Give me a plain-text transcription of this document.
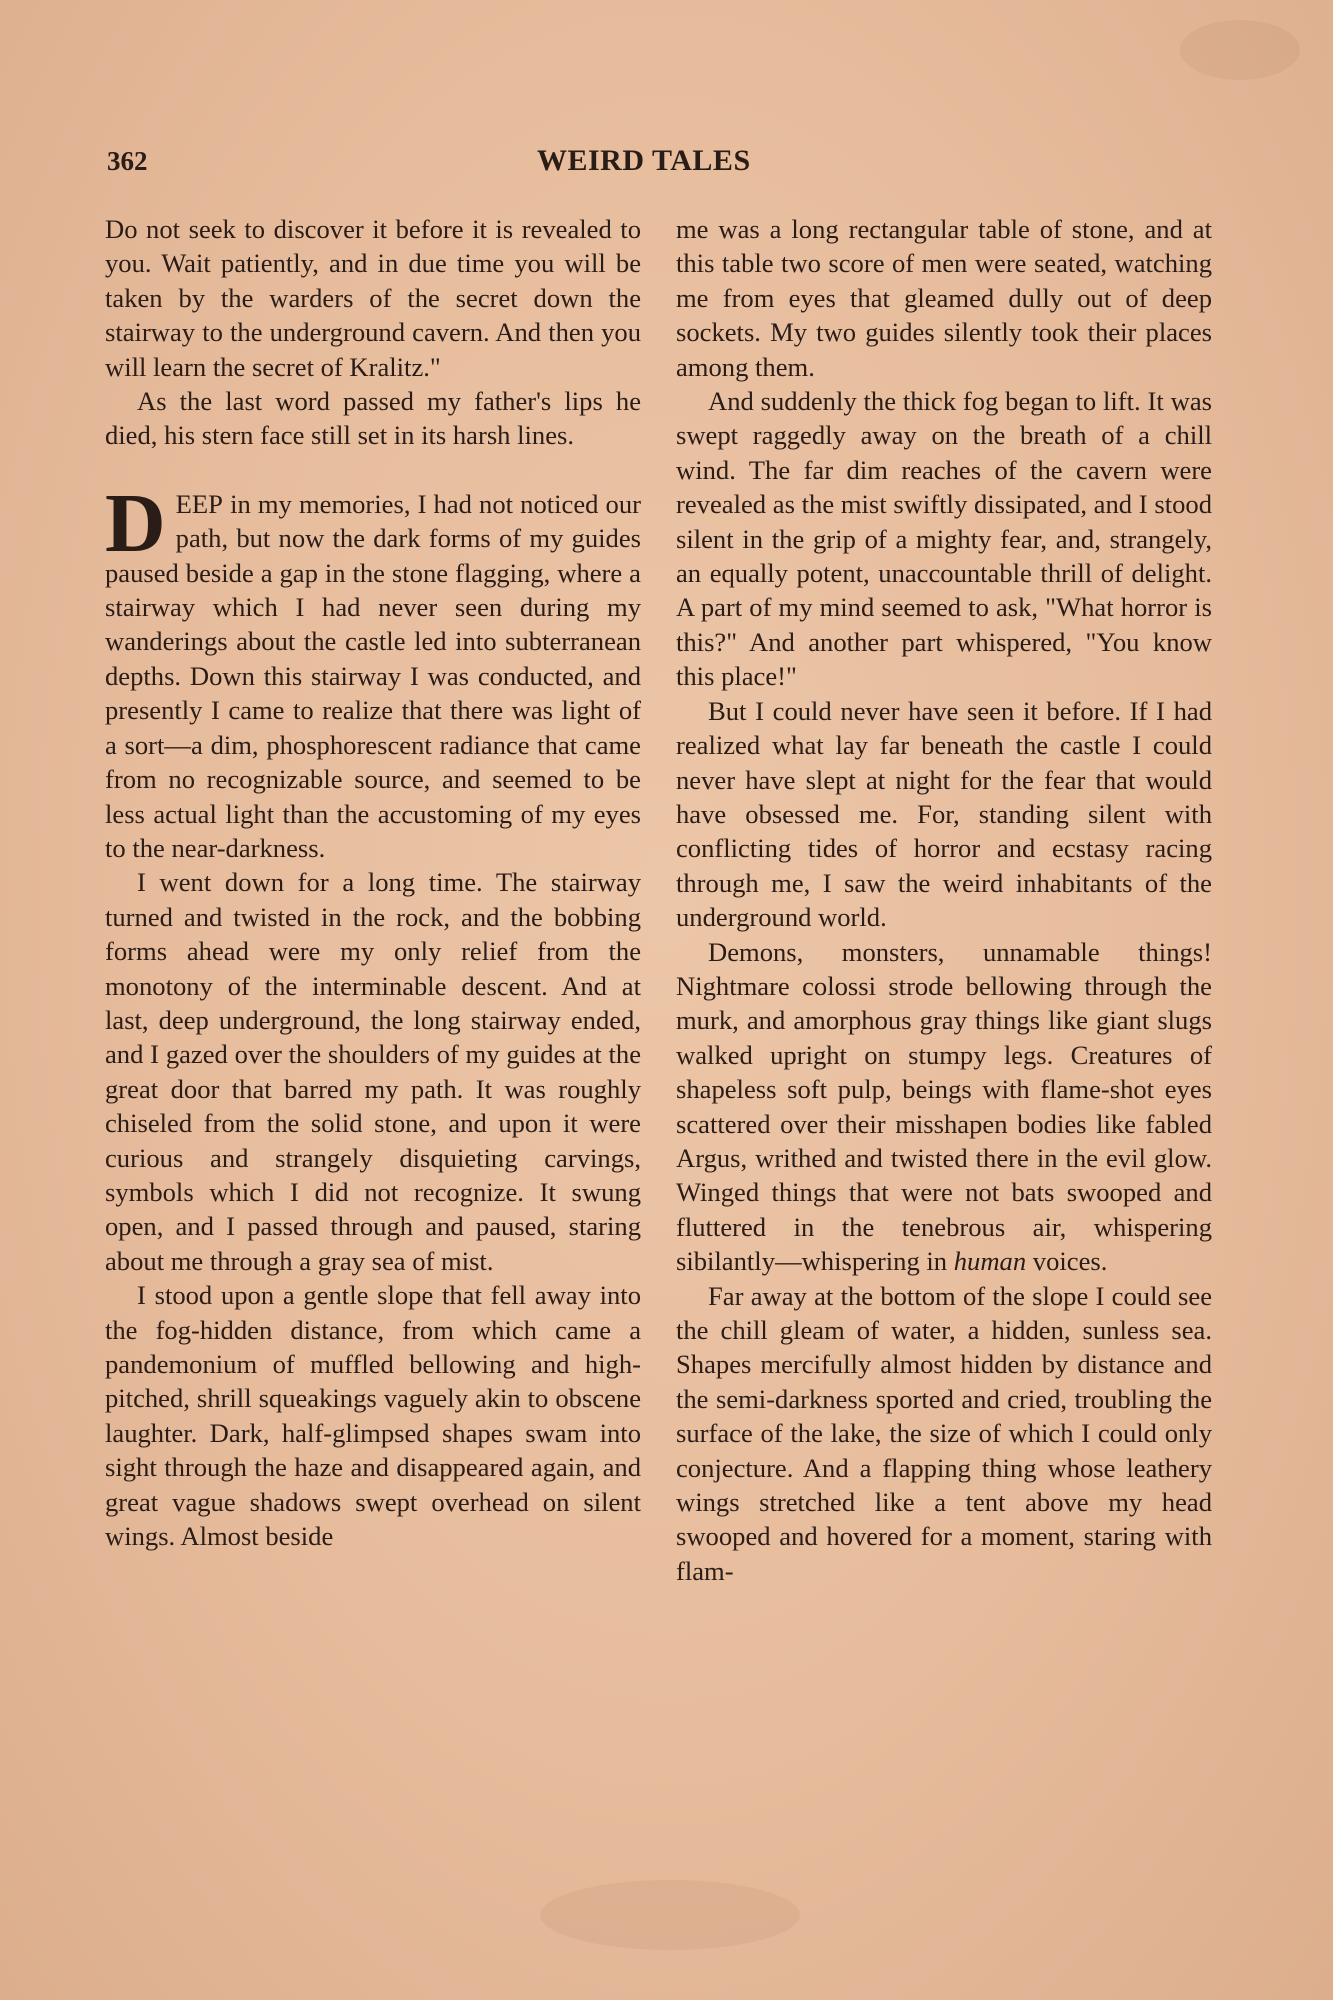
362	WEIRD TALES

Do not seek to discover it before it is revealed to you. Wait patiently, and in due time you will be taken by the warders of the secret down the stairway to the underground cavern. And then you will learn the secret of Kralitz."

As the last word passed my father's lips he died, his stern face still set in its harsh lines.

DEEP in my memories, I had not noticed our path, but now the dark forms of my guides paused beside a gap in the stone flagging, where a stairway which I had never seen during my wanderings about the castle led into subterranean depths. Down this stairway I was conducted, and presently I came to realize that there was light of a sort—a dim, phosphorescent radiance that came from no recognizable source, and seemed to be less actual light than the accustoming of my eyes to the near-darkness.

I went down for a long time. The stairway turned and twisted in the rock, and the bobbing forms ahead were my only relief from the monotony of the interminable descent. And at last, deep underground, the long stairway ended, and I gazed over the shoulders of my guides at the great door that barred my path. It was roughly chiseled from the solid stone, and upon it were curious and strangely disquieting carvings, symbols which I did not recognize. It swung open, and I passed through and paused, staring about me through a gray sea of mist.

I stood upon a gentle slope that fell away into the fog-hidden distance, from which came a pandemonium of muffled bellowing and high-pitched, shrill squeakings vaguely akin to obscene laughter. Dark, half-glimpsed shapes swam into sight through the haze and disappeared again, and great vague shadows swept overhead on silent wings. Almost beside

me was a long rectangular table of stone, and at this table two score of men were seated, watching me from eyes that gleamed dully out of deep sockets. My two guides silently took their places among them.

And suddenly the thick fog began to lift. It was swept raggedly away on the breath of a chill wind. The far dim reaches of the cavern were revealed as the mist swiftly dissipated, and I stood silent in the grip of a mighty fear, and, strangely, an equally potent, unaccountable thrill of delight. A part of my mind seemed to ask, "What horror is this?" And another part whispered, "You know this place!"

But I could never have seen it before. If I had realized what lay far beneath the castle I could never have slept at night for the fear that would have obsessed me. For, standing silent with conflicting tides of horror and ecstasy racing through me, I saw the weird inhabitants of the underground world.

Demons, monsters, unnamable things! Nightmare colossi strode bellowing through the murk, and amorphous gray things like giant slugs walked upright on stumpy legs. Creatures of shapeless soft pulp, beings with flame-shot eyes scattered over their misshapen bodies like fabled Argus, writhed and twisted there in the evil glow. Winged things that were not bats swooped and fluttered in the tenebrous air, whispering sibilantly—whispering in human voices.

Far away at the bottom of the slope I could see the chill gleam of water, a hidden, sunless sea. Shapes mercifully almost hidden by distance and the semi-darkness sported and cried, troubling the surface of the lake, the size of which I could only conjecture. And a flapping thing whose leathery wings stretched like a tent above my head swooped and hovered for a moment, staring with flam-
